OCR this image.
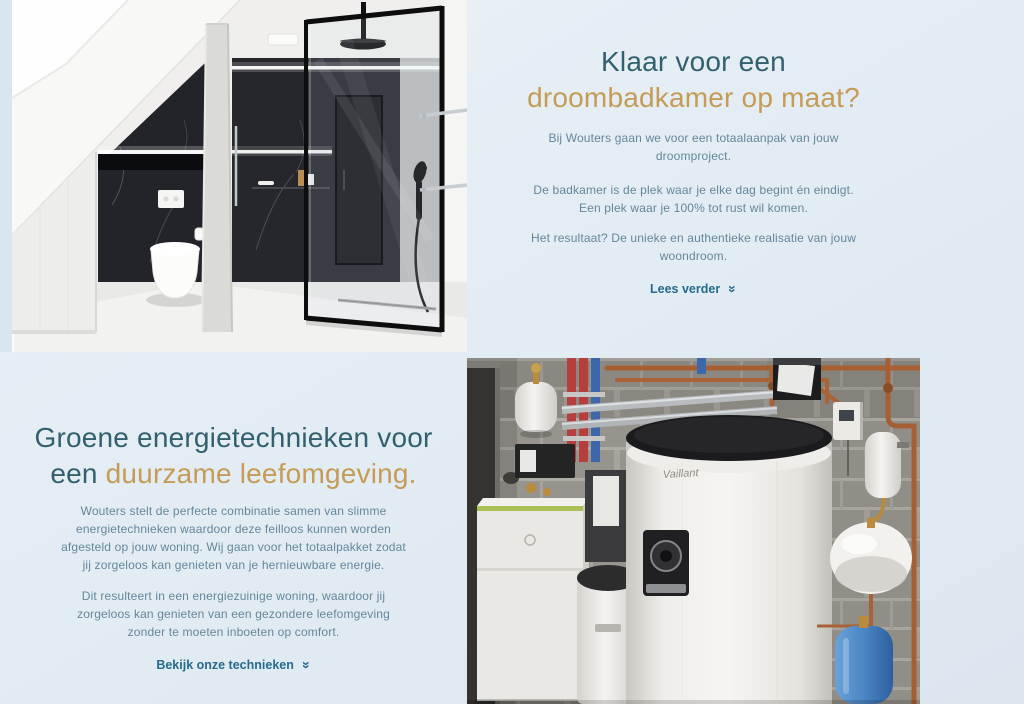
Klaar voor een
droombadkamer op maat?
Bij Wouters gaan we voor een totaalaanpak van jouw
droomproject.
De badkamer is de plek waar je elke dag begint én eindigt.
Een plek waar je 100% tot rust wil komen.
Het resultaat? De unieke en authentieke realisatie van jouw
woondroom.
Lees verder »
Groene energietechnieken voor
een duurzame leefomgeving.
Wouters stelt de perfecte combinatie samen van slimme
energietechnieken waardoor deze feilloos kunnen worden
afgesteld op jouw woning. Wij gaan voor het totaalpakket zodat
jij zorgeloos kan genieten van je hernieuwbare energie.
Dit resulteert in een energiezuinige woning, waardoor jij
zorgeloos kan genieten van een gezondere leefomgeving
zonder te moeten inboeten op comfort.
Bekijk onze technieken »
Vaillant
